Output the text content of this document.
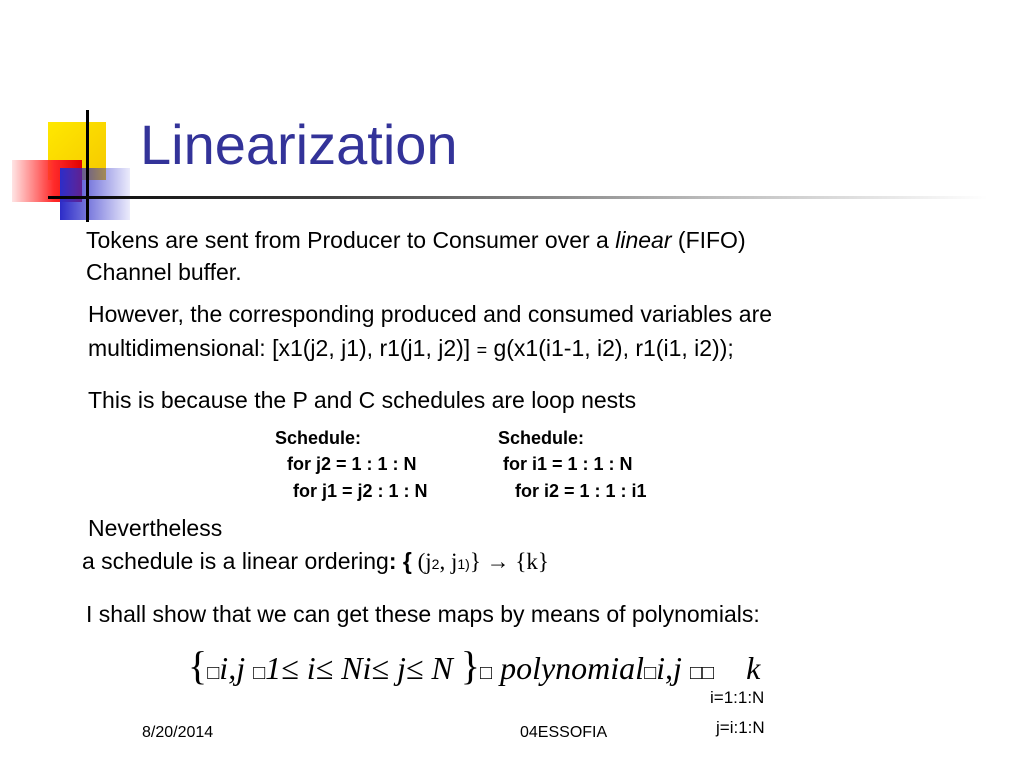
Linearization
Tokens are sent from Producer to Consumer over a linear (FIFO)
Channel buffer.
However, the corresponding produced and consumed variables are
multidimensional: [x1(j2, j1), r1(j1, j2)] = g(x1(i1-1, i2), r1(i1, i2));
This is because the P and C schedules are loop nests
Schedule:
for j2 = 1 : 1 : N
for j1 = j2 : 1 : N
Schedule:
for i1 = 1 : 1 : N
for i2 = 1 : 1 : i1
Nevertheless
a schedule is a linear ordering: { (j2, j1)} → {k}
I shall show that we can get these maps by means of polynomials:
{□i,j □1≤ i≤ Ni≤ j≤ N }□ polynomial□i,j □□ k
i=1:1:N
j=i:1:N
8/20/2014	04ESSOFIA
